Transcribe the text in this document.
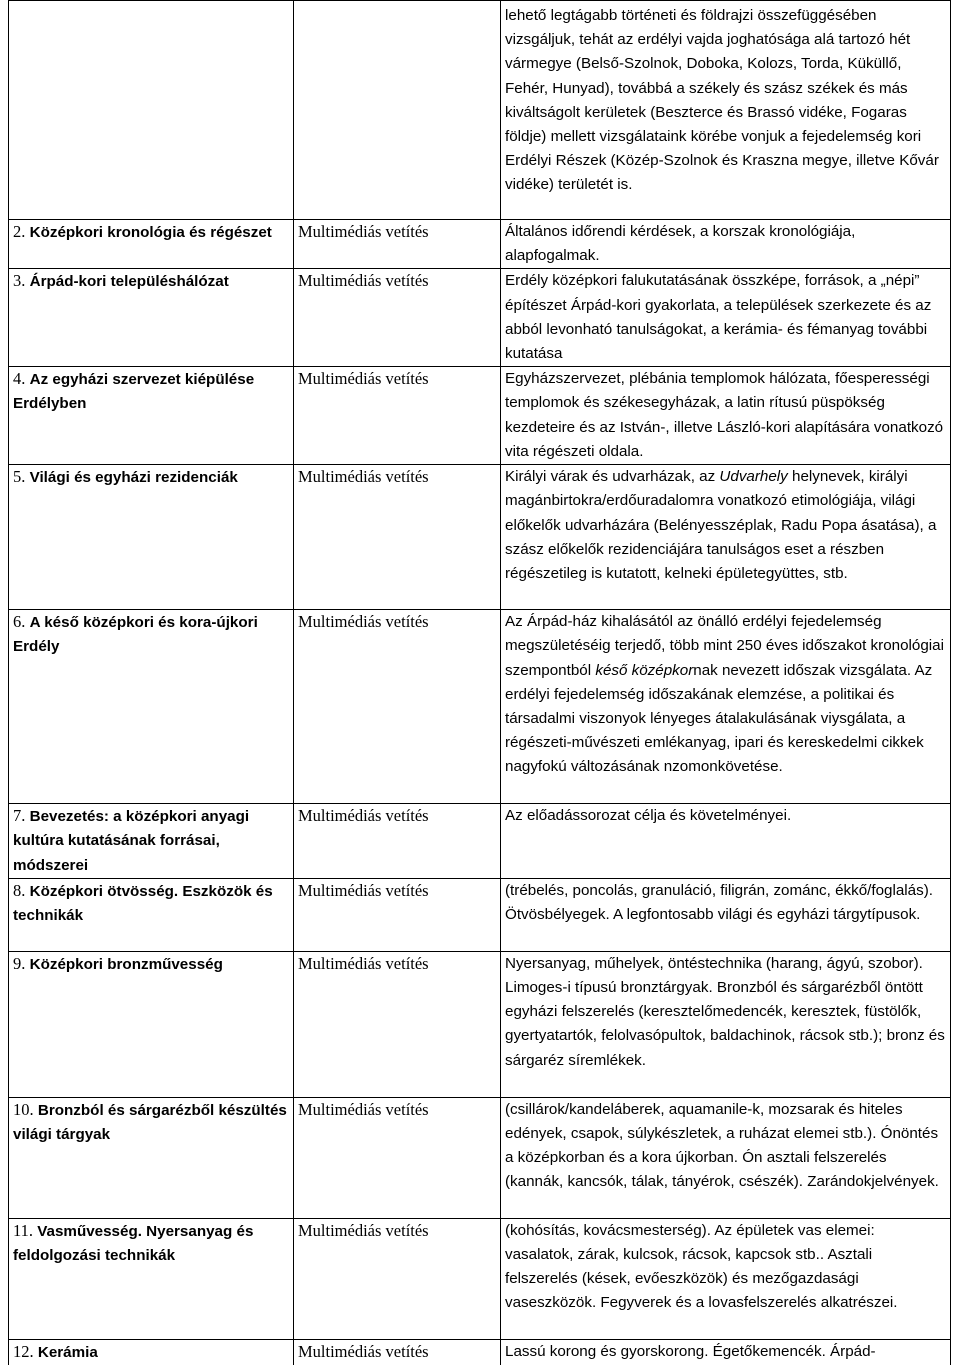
		lehető legtágabb történeti és földrajzi összefüggésében vizsgáljuk, tehát az erdélyi vajda joghatósága alá tartozó hét vármegye (Belső-Szolnok, Doboka, Kolozs, Torda, Küküllő, Fehér, Hunyad), továbbá a székely és szász székek és más kiváltságolt kerületek (Beszterce és Brassó vidéke, Fogaras földje) mellett vizsgálataink körébe vonjuk a fejedelemség kori Erdélyi Részek (Közép-Szolnok és Kraszna megye, illetve Kővár vidéke) területét is.

2. Középkori kronológia és régészet	Multimédiás vetítés	Általános időrendi kérdések, a korszak kronológiája, alapfogalmak.

3. Árpád-kori településhálózat	Multimédiás vetítés	Erdély középkori falukutatásának összképe, források, a „népi” építészet Árpád-kori gyakorlata, a települések szerkezete és az abból levonható tanulságokat, a kerámia- és fémanyag további kutatása

4. Az egyházi szervezet kiépülése Erdélyben	Multimédiás vetítés	Egyházszervezet, plébánia templomok hálózata, főesperességi templomok és székesegyházak, a latin rítusú püspökség kezdeteire és az István-, illetve László-kori alapítására vonatkozó vita régészeti oldala.

5. Világi és egyházi rezidenciák	Multimédiás vetítés	Királyi várak és udvarházak, az Udvarhely helynevek, királyi magánbirtokra/erdőuradalomra vonatkozó etimológiája, világi előkelők udvarházára (Belényesszéplak, Radu Popa ásatása), a szász előkelők rezidenciájára tanulságos eset a részben régészetileg is kutatott, kelneki épületegyüttes, stb.

6. A késő középkori és kora-újkori Erdély	Multimédiás vetítés	Az Árpád-ház kihalásától az önálló erdélyi fejedelemség megszületéséig terjedő, több mint 250 éves időszakot kronológiai szempontból késő középkornak nevezett időszak vizsgálata. Az erdélyi fejedelemség időszakának elemzése, a politikai és társadalmi viszonyok lényeges átalakulásának viysgálata, a régészeti-művészeti emlékanyag, ipari és kereskedelmi cikkek nagyfokú változásának nzomonkövetése.

7. Bevezetés: a középkori anyagi kultúra kutatásának forrásai, módszerei	Multimédiás vetítés	Az előadássorozat célja és követelményei.

8. Középkori ötvösség. Eszközök és technikák	Multimédiás vetítés	(trébelés, poncolás, granuláció, filigrán, zománc, ékkő/foglalás). Ötvösbélyegek. A legfontosabb világi és egyházi tárgytípusok.

9. Középkori bronzművesség	Multimédiás vetítés	Nyersanyag, műhelyek, öntéstechnika (harang, ágyú, szobor). Limoges-i típusú bronztárgyak. Bronzból és sárgarézből öntött egyházi felszerelés (keresztelőmedencék, keresztek, füstölők, gyertyatartók, felolvasópultok, baldachinok, rácsok stb.); bronz és sárgaréz síremlékek.

10. Bronzból és sárgarézből készültés világi tárgyak	Multimédiás vetítés	(csillárok/kandeláberek, aquamanile-k, mozsarak és hiteles edények, csapok, súlykészletek, a ruházat elemei stb.). Ónöntés a középkorban és a kora újkorban. Ón asztali felszerelés (kannák, kancsók, tálak, tányérok, csészék). Zarándokjelvények.

11. Vasművesség. Nyersanyag és feldolgozási technikák	Multimédiás vetítés	(kohósítás, kovácsmesterség). Az épületek vas elemei: vasalatok, zárak, kulcsok, rácsok, kapcsok stb.. Asztali felszerelés (kések, evőeszközök) és mezőgazdasági vaseszközök. Fegyverek és a lovasfelszerelés alkatrészei.

12. Kerámia	Multimédiás vetítés	Lassú korong és gyorskorong. Égetőkemencék. Árpád-
